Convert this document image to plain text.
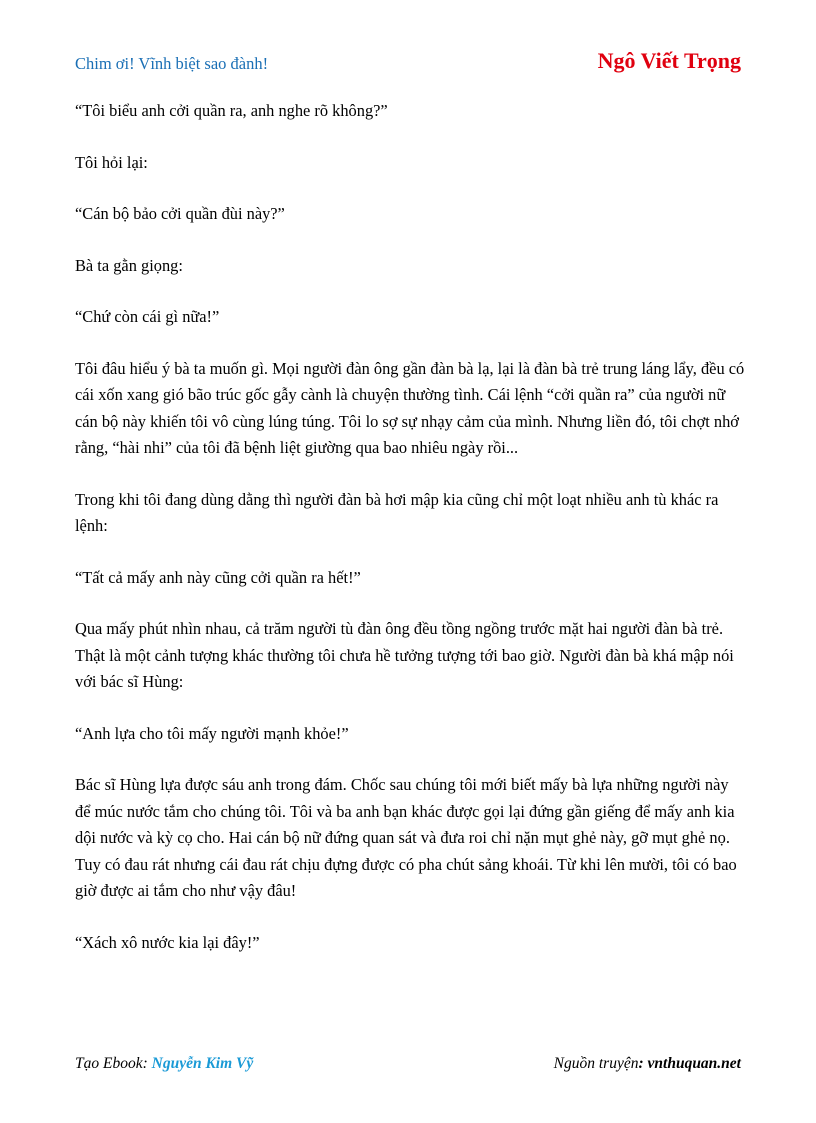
Chim ơi! Vĩnh biệt sao đành!	Ngô Viết Trọng

“Tôi biểu anh cởi quần ra, anh nghe rõ không?”

Tôi hỏi lại:

“Cán bộ bảo cởi quần đùi này?”

Bà ta gằn giọng:

“Chứ còn cái gì nữa!”

Tôi đâu hiểu ý bà ta muốn gì. Mọi người đàn ông gần đàn bà lạ, lại là đàn bà trẻ trung láng lẩy, đều có cái xốn xang gió bão trúc gốc gẫy cành là chuyện thường tình. Cái lệnh “cởi quần ra” của người nữ cán bộ này khiến tôi vô cùng lúng túng. Tôi lo sợ sự nhạy cảm của mình. Nhưng liền đó, tôi chợt nhớ rằng, “hài nhi” của tôi đã bệnh liệt giường qua bao nhiêu ngày rồi...

Trong khi tôi đang dùng dằng thì người đàn bà hơi mập kia cũng chỉ một loạt nhiều anh tù khác ra lệnh:

“Tất cả mấy anh này cũng cởi quần ra hết!”

Qua mấy phút nhìn nhau, cả trăm người tù đàn ông đều tồng ngồng trước mặt hai người đàn bà trẻ. Thật là một cảnh tượng khác thường tôi chưa hề tưởng tượng tới bao giờ. Người đàn bà khá mập nói với bác sĩ Hùng:

“Anh lựa cho tôi mấy người mạnh khỏe!”

Bác sĩ Hùng lựa được sáu anh trong đám. Chốc sau chúng tôi mới biết mấy bà lựa những người này để múc nước tắm cho chúng tôi. Tôi và ba anh bạn khác được gọi lại đứng gần giếng để mấy anh kia dội nước và kỳ cọ cho. Hai cán bộ nữ đứng quan sát và đưa roi chỉ nặn mụt ghẻ này, gỡ mụt ghẻ nọ. Tuy có đau rát nhưng cái đau rát chịu đựng được có pha chút sảng khoái. Từ khi lên mười, tôi có bao giờ được ai tắm cho như vậy đâu!

“Xách xô nước kia lại đây!”

Tạo Ebook: Nguyễn Kim Vỹ	Nguồn truyện: vnthuquan.net
